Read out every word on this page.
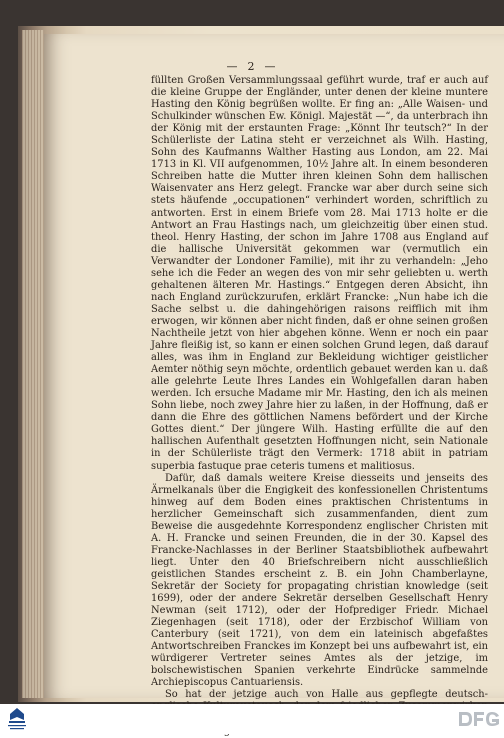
— 2 —

füllten Großen Versammlungssaal geführt wurde, traf er auch auf die kleine Gruppe der Engländer, unter denen der kleine muntere Hasting den König begrüßen wollte. Er fing an: „Alle Waisen- und Schulkinder wünschen Ew. Königl. Majestät —“, da unterbrach ihn der König mit der erstaunten Frage: „Könnt Ihr teutsch?“ In der Schülerliste der Latina steht er verzeichnet als Wilh. Hasting, Sohn des Kaufmanns Walther Hasting aus London, am 22. Mai 1713 in Kl. VII aufgenommen, 10½ Jahre alt. In einem besonderen Schreiben hatte die Mutter ihren kleinen Sohn dem hallischen Waisenvater ans Herz gelegt. Francke war aber durch seine sich stets häufende „occupationen“ verhindert worden, schriftlich zu antworten. Erst in einem Briefe vom 28. Mai 1713 holte er die Antwort an Frau Hastings nach, um gleichzeitig über einen stud. theol. Henry Hasting, der schon im Jahre 1708 aus England auf die hallische Universität gekommen war (vermutlich ein Verwandter der Londoner Familie), mit ihr zu verhandeln: „Jeho sehe ich die Feder an wegen des von mir sehr geliebten u. werth gehaltenen älteren Mr. Hastings.“ Entgegen deren Absicht, ihn nach England zurückzurufen, erklärt Francke: „Nun habe ich die Sache selbst u. die dahingehörigen raisons reifflich mit ihm erwogen, wir können aber nicht finden, daß er ohne seinen großen Nachtheile jetzt von hier abgehen könne. Wenn er noch ein paar Jahre fleißig ist, so kann er einen solchen Grund legen, daß darauf alles, was ihm in England zur Bekleidung wichtiger geistlicher Aemter nöthig seyn möchte, ordentlich gebauet werden kan u. daß alle gelehrte Leute Ihres Landes ein Wohlgefallen daran haben werden. Ich ersuche Madame mir Mr. Hasting, den ich als meinen Sohn liebe, noch zwey Jahre hier zu laßen, in der Hoffnung, daß er dann die Ehre des göttlichen Namens befördert und der Kirche Gottes dient.“ Der jüngere Wilh. Hasting erfüllte die auf den hallischen Aufenthalt gesetzten Hoffnungen nicht, sein Nationale in der Schülerliste trägt den Vermerk: 1718 abiit in patriam superbia fastuque prae ceteris tumens et malitiosus.

Dafür, daß damals weitere Kreise diesseits und jenseits des Ärmelkanals über die Engigkeit des konfessionellen Christentums hinweg auf dem Boden eines praktischen Christentums in herzlicher Gemeinschaft sich zusammenfanden, dient zum Beweise die ausgedehnte Korrespondenz englischer Christen mit A. H. Francke und seinen Freunden, die in der 30. Kapsel des Francke-Nachlasses in der Berliner Staatsbibliothek aufbewahrt liegt. Unter den 40 Briefschreibern nicht ausschließlich geistlichen Standes erscheint z. B. ein John Chamberlayne, Sekretär der Society for propagating christian knowledge (seit 1699), oder der andere Sekretär derselben Gesellschaft Henry Newman (seit 1712), oder der Hofprediger Friedr. Michael Ziegenhagen (seit 1718), oder der Erzbischof William von Canterbury (seit 1721), von dem ein lateinisch abgefaßtes Antwortschreiben Franckes im Konzept bei uns aufbewahrt ist, ein würdigerer Vertreter seines Amtes als der jetzige, im bolschewistischen Spanien verkehrte Eindrücke sammelnde Archiepiscopus Cantuariensis.

So hat der jetzige auch von Halle aus gepflegte deutsch-
